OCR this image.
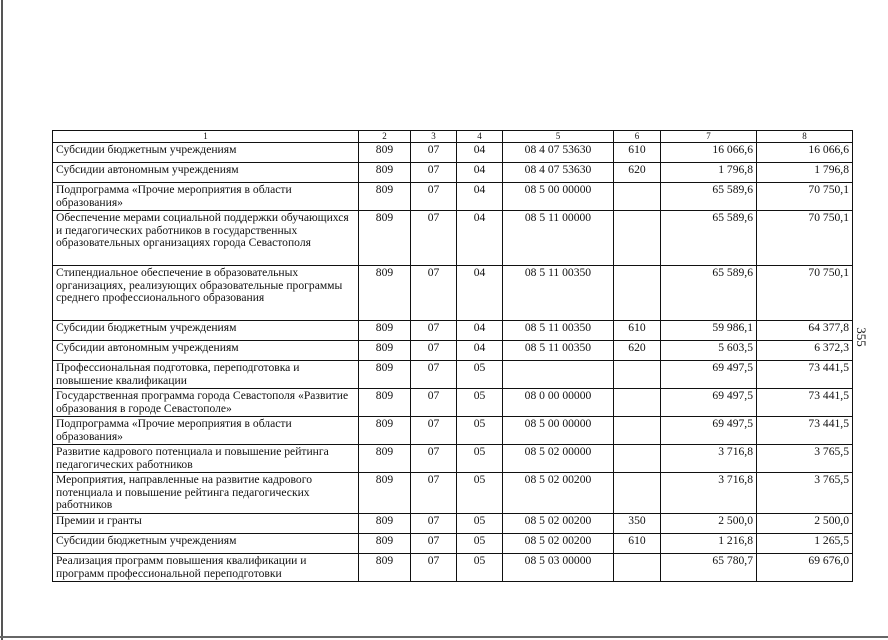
355
1	2	3	4	5	6	7	8
Субсидии бюджетным учреждениям	809	07	04	08 4 07 53630	610	16 066,6	16 066,6
Субсидии автономным учреждениям	809	07	04	08 4 07 53630	620	1 796,8	1 796,8
Подпрограмма «Прочие мероприятия в области образования»	809	07	04	08 5 00 00000		65 589,6	70 750,1
Обеспечение мерами социальной поддержки обучающихся и педагогических работников в государственных образовательных организациях города Севастополя	809	07	04	08 5 11 00000		65 589,6	70 750,1
Стипендиальное обеспечение в образовательных организациях, реализующих образовательные программы среднего профессионального образования	809	07	04	08 5 11 00350		65 589,6	70 750,1
Субсидии бюджетным учреждениям	809	07	04	08 5 11 00350	610	59 986,1	64 377,8
Субсидии автономным учреждениям	809	07	04	08 5 11 00350	620	5 603,5	6 372,3
Профессиональная подготовка, переподготовка и повышение квалификации	809	07	05			69 497,5	73 441,5
Государственная программа города Севастополя «Развитие образования в городе Севастополе»	809	07	05	08 0 00 00000		69 497,5	73 441,5
Подпрограмма «Прочие мероприятия в области образования»	809	07	05	08 5 00 00000		69 497,5	73 441,5
Развитие кадрового потенциала и повышение рейтинга педагогических работников	809	07	05	08 5 02 00000		3 716,8	3 765,5
Мероприятия, направленные на развитие кадрового потенциала и повышение рейтинга педагогических работников	809	07	05	08 5 02 00200		3 716,8	3 765,5
Премии и гранты	809	07	05	08 5 02 00200	350	2 500,0	2 500,0
Субсидии бюджетным учреждениям	809	07	05	08 5 02 00200	610	1 216,8	1 265,5
Реализация программ повышения квалификации и программ профессиональной переподготовки	809	07	05	08 5 03 00000		65 780,7	69 676,0
